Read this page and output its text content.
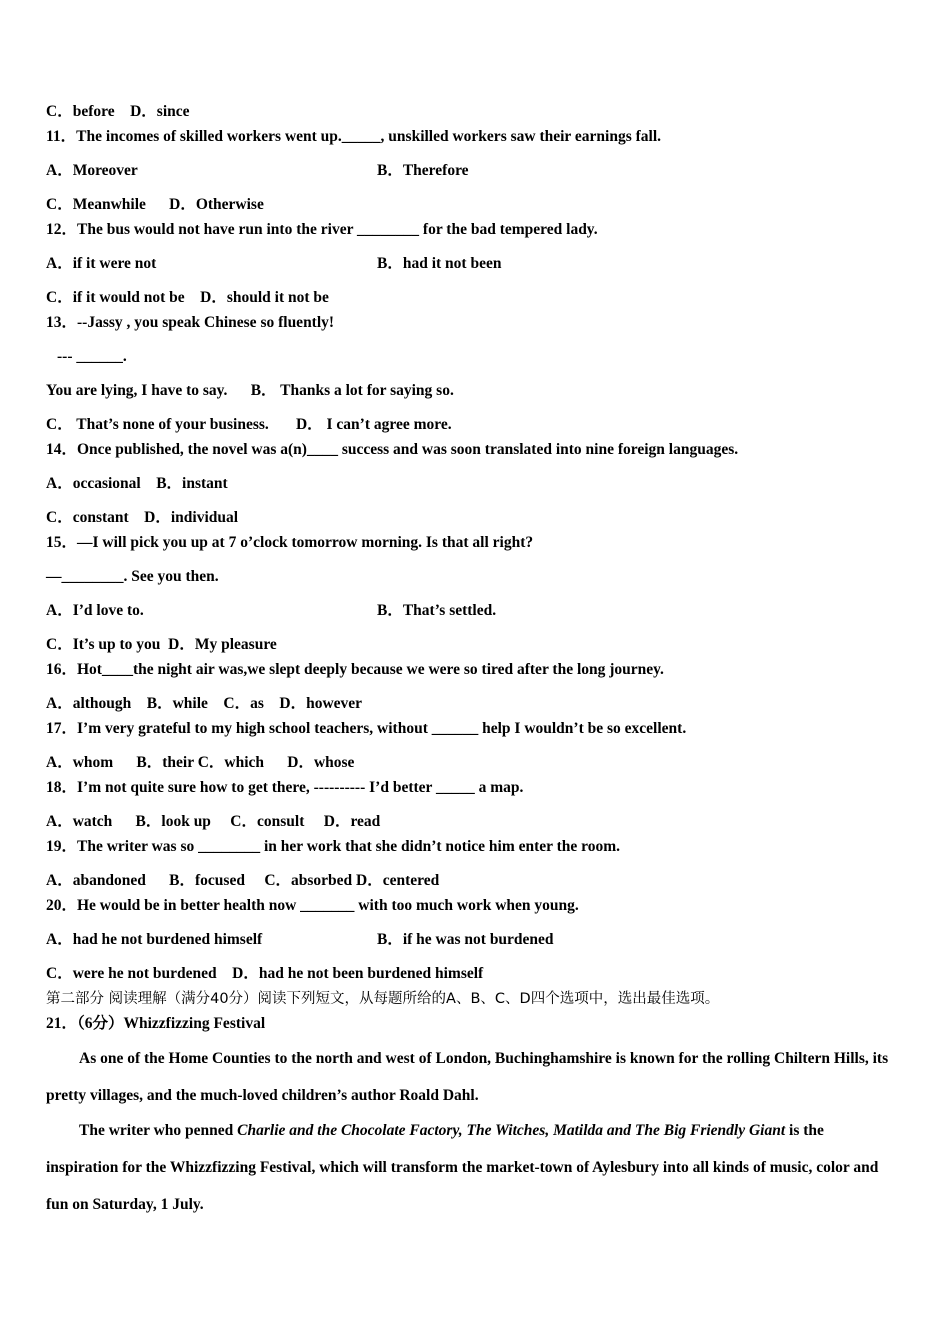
C．before D．since
11．The incomes of skilled workers went up._____, unskilled workers saw their earnings fall.
A．Moreover	B．Therefore
C．Meanwhile D．Otherwise
12．The bus would not have run into the river ________ for the bad tempered lady.
A．if it were not	B．had it not been
C．if it would not be D．should it not be
13．--Jassy , you speak Chinese so fluently!
--- ______.
You are lying, I have to say. B． Thanks a lot for saying so.
C． That’s none of your business. D． I can’t agree more.
14．Once published, the novel was a(n)____ success and was soon translated into nine foreign languages.
A．occasional B．instant
C．constant D．individual
15．—I will pick you up at 7 o’clock tomorrow morning. Is that all right?
—________. See you then.
A．I’d love to.	B．That’s settled.
C．It’s up to you D．My pleasure
16．Hot____the night air was,we slept deeply because we were so tired after the long journey.
A．although    B．while    C．as    D．however
17．I’m very grateful to my high school teachers, without ______ help I wouldn’t be so excellent.
A．whom      B．their C．which      D．whose
18．I’m not quite sure how to get there, ---------- I’d better _____ a map.
A．watch      B．look up     C．consult     D．read
19．The writer was so ________ in her work that she didn’t notice him enter the room.
A．abandoned      B．focused     C．absorbed D．centered
20．He would be in better health now _______ with too much work when young.
A．had he not burdened himself	B．if he was not burdened
C．were he not burdened D．had he not been burdened himself
第二部分 阅读理解（满分40分）阅读下列短文，从每题所给的A、B、C、D四个选项中，选出最佳选项。
21．（6分）Whizzfizzing Festival
As one of the Home Counties to the north and west of London, Buchinghamshire is known for the rolling Chiltern Hills, its pretty villages, and the much-loved children’s author Roald Dahl.
The writer who penned Charlie and the Chocolate Factory, The Witches, Matilda and The Big Friendly Giant is the inspiration for the Whizzfizzing Festival, which will transform the market-town of Aylesbury into all kinds of music, color and fun on Saturday, 1 July.
